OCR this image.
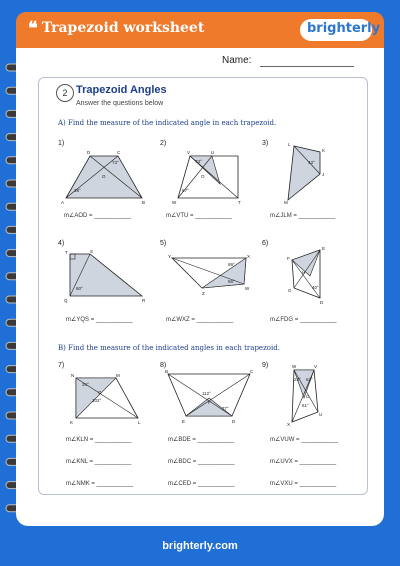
❝ Trapezoid worksheet	brighterly
Name:
2 Trapezoid Angles
Answer the questions below
A) Find the measure of the indicated angle in each trapezoid.
B) Find the measure of the indicated angles in each trapezoid.
1)	2)	3)
4)	5)	6)
7)	8)	9)
D	C
A	B
O
73°
38°
V	U
W	T
O
73°
67°
L
K
J
M
43°
T	S
Q	R
60°
Y	X
Z
W
69°
56°
E
F
G
D
H
40°
N	M
K	L
O
34°
102°
B	C
E	D
F
112°
77°
W	V
X
U
O
23° 62°
61°
m∠AOD = ___________	m∠VTU = ___________	m∠JLM = ___________
m∠YQS = ___________	m∠WXZ = ___________	m∠FDG = ___________
m∠KLN = ___________
m∠KNL = ___________
m∠NMK = ___________
m∠BDE = ___________
m∠BDC = ___________
m∠CED = ___________
m∠VUW = ___________
m∠UVX = ___________
m∠VXU = ___________
brighterly.com
